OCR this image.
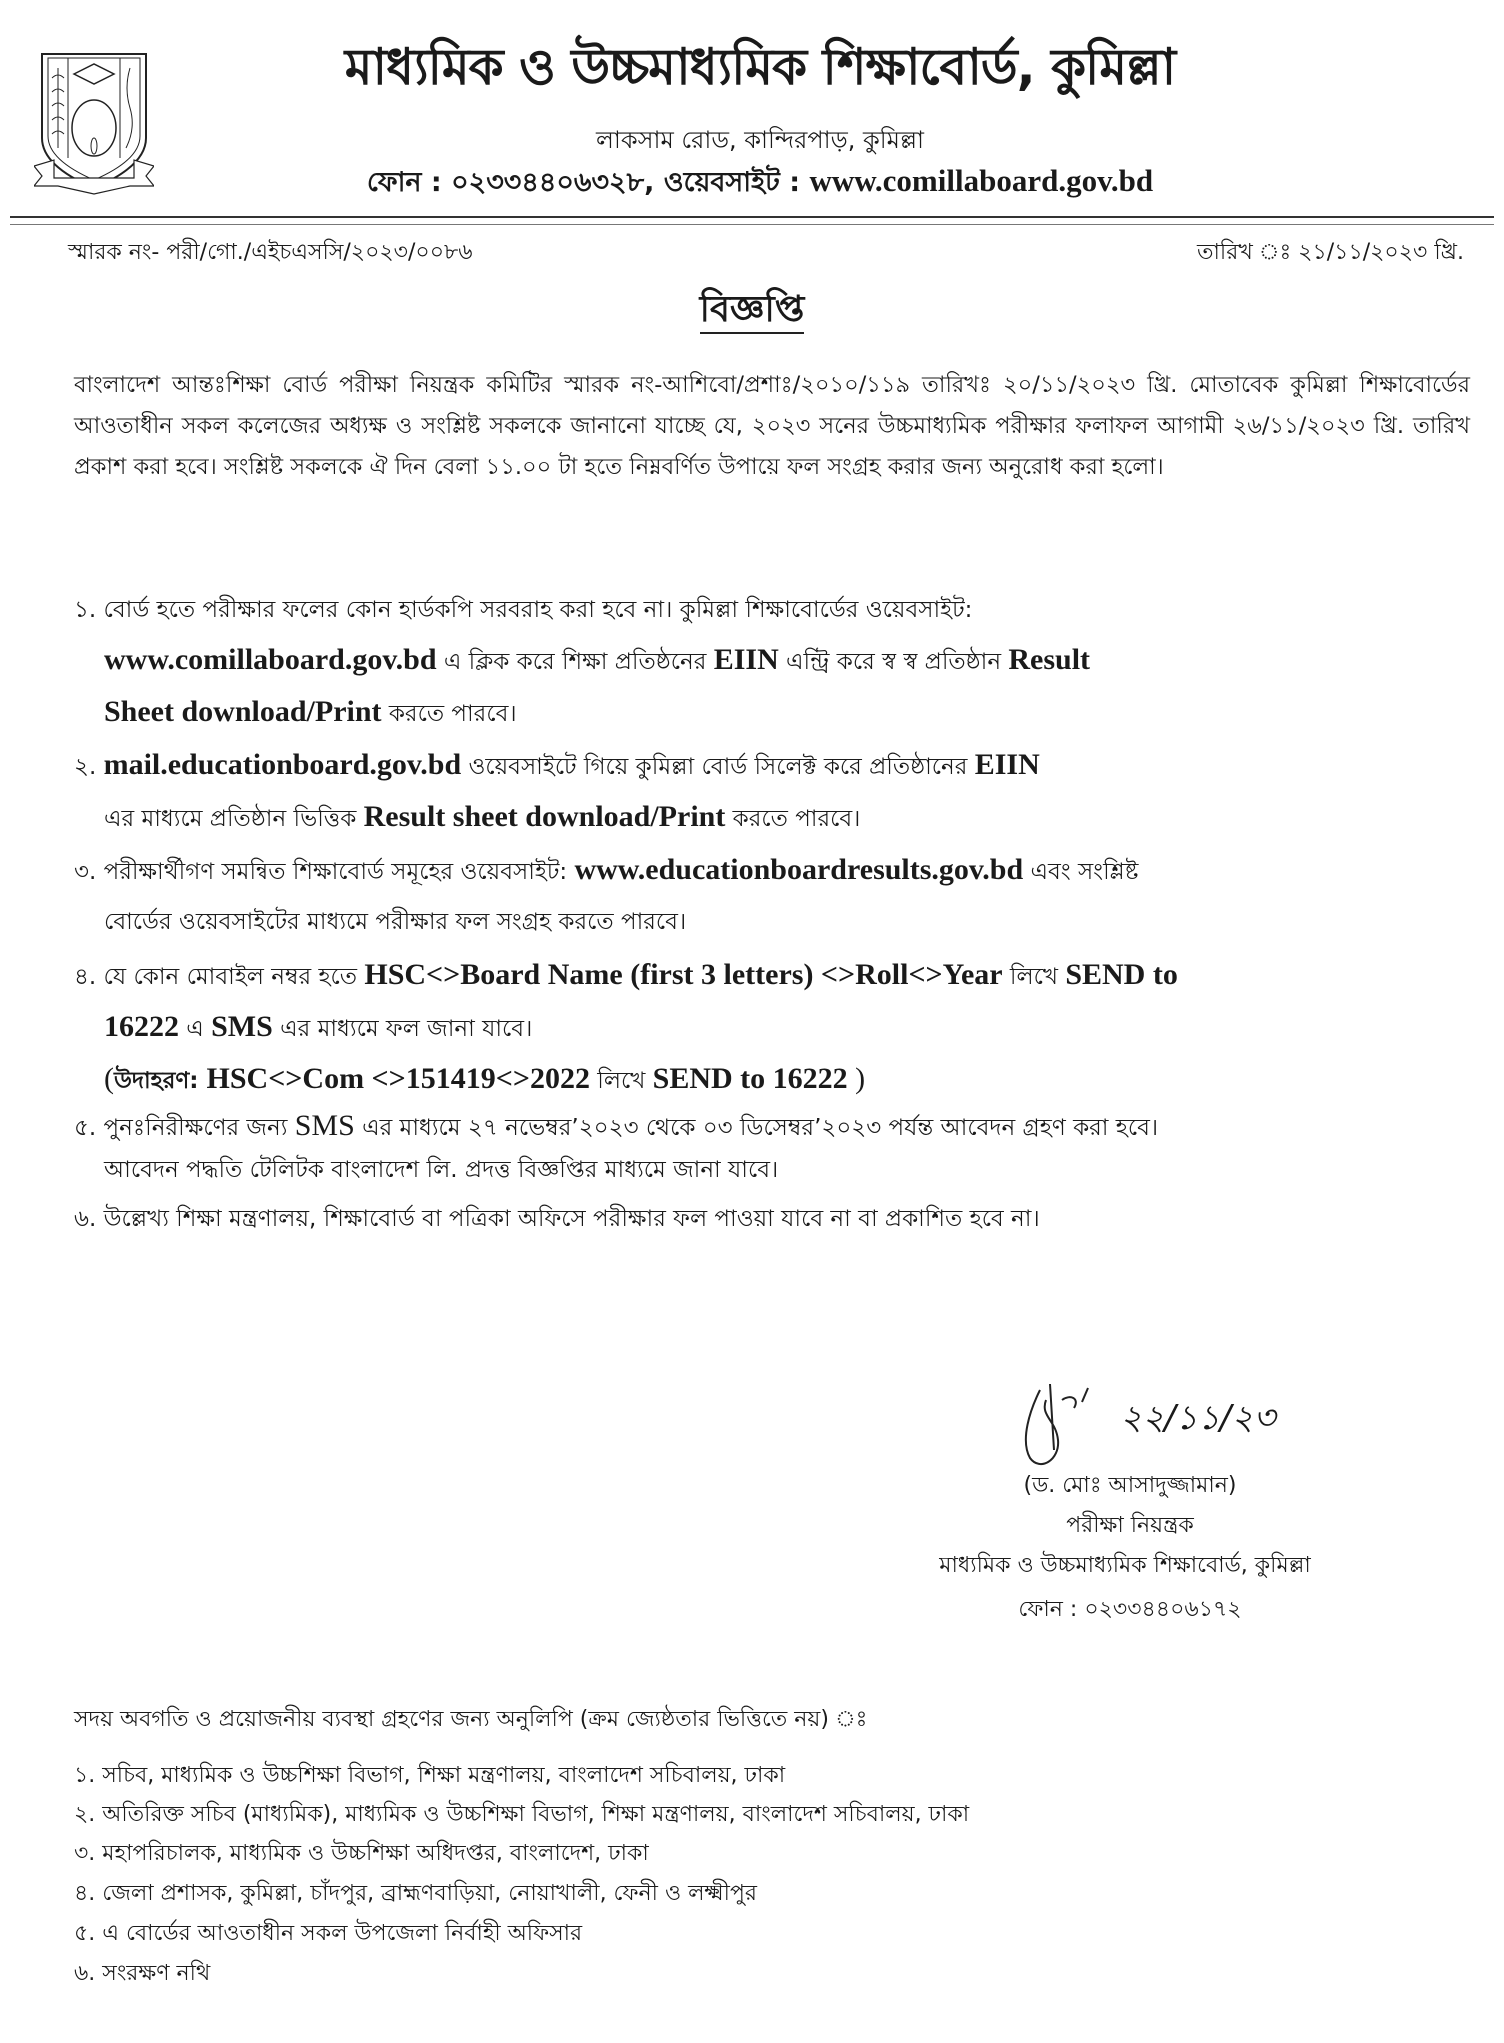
মাধ্যমিক ও উচ্চমাধ্যমিক শিক্ষাবোর্ড, কুমিল্লা
লাকসাম রোড, কান্দিরপাড়, কুমিল্লা
ফোন : ০২৩৩৪৪০৬৩২৮, ওয়েবসাইট : www.comillaboard.gov.bd
স্মারক নং- পরী/গো./এইচএসসি/২০২৩/০০৮৬	তারিখ ঃ ২১/১১/২০২৩ খ্রি.
বিজ্ঞপ্তি
বাংলাদেশ আন্তঃশিক্ষা বোর্ড পরীক্ষা নিয়ন্ত্রক কমিটির স্মারক নং-আশিবো/প্রশাঃ/২০১০/১১৯ তারিখঃ ২০/১১/২০২৩ খ্রি. মোতাবেক কুমিল্লা শিক্ষাবোর্ডের আওতাধীন সকল কলেজের অধ্যক্ষ ও সংশ্লিষ্ট সকলকে জানানো যাচ্ছে যে, ২০২৩ সনের উচ্চমাধ্যমিক পরীক্ষার ফলাফল আগামী ২৬/১১/২০২৩ খ্রি. তারিখ প্রকাশ করা হবে। সংশ্লিষ্ট সকলকে ঐ দিন বেলা ১১.০০ টা হতে নিম্নবর্ণিত উপায়ে ফল সংগ্রহ করার জন্য অনুরোধ করা হলো।
১. বোর্ড হতে পরীক্ষার ফলের কোন হার্ডকপি সরবরাহ করা হবে না। কুমিল্লা শিক্ষাবোর্ডের ওয়েবসাইট:
www.comillaboard.gov.bd এ ক্লিক করে শিক্ষা প্রতিষ্ঠনের EIIN এন্ট্রি করে স্ব স্ব প্রতিষ্ঠান Result
Sheet download/Print করতে পারবে।
২. mail.educationboard.gov.bd ওয়েবসাইটে গিয়ে কুমিল্লা বোর্ড সিলেক্ট করে প্রতিষ্ঠানের EIIN
এর মাধ্যমে প্রতিষ্ঠান ভিত্তিক Result sheet download/Print করতে পারবে।
৩. পরীক্ষার্থীগণ সমন্বিত শিক্ষাবোর্ড সমূহের ওয়েবসাইট: www.educationboardresults.gov.bd এবং সংশ্লিষ্ট
বোর্ডের ওয়েবসাইটের মাধ্যমে পরীক্ষার ফল সংগ্রহ করতে পারবে।
৪. যে কোন মোবাইল নম্বর হতে HSC<>Board Name (first 3 letters) <>Roll<>Year লিখে SEND to
16222 এ SMS এর মাধ্যমে ফল জানা যাবে।
(উদাহরণ: HSC<>Com <>151419<>2022 লিখে SEND to 16222 )
৫. পুনঃনিরীক্ষণের জন্য SMS এর মাধ্যমে ২৭ নভেম্বর’২০২৩ থেকে ০৩ ডিসেম্বর’২০২৩ পর্যন্ত আবেদন গ্রহণ করা হবে।
আবেদন পদ্ধতি টেলিটক বাংলাদেশ লি. প্রদত্ত বিজ্ঞপ্তির মাধ্যমে জানা যাবে।
৬. উল্লেখ্য শিক্ষা মন্ত্রণালয়, শিক্ষাবোর্ড বা পত্রিকা অফিসে পরীক্ষার ফল পাওয়া যাবে না বা প্রকাশিত হবে না।
২২/১১/২৩
(ড. মোঃ আসাদুজ্জামান)
পরীক্ষা নিয়ন্ত্রক
মাধ্যমিক ও উচ্চমাধ্যমিক শিক্ষাবোর্ড, কুমিল্লা
ফোন : ০২৩৩৪৪০৬১৭২
সদয় অবগতি ও প্রয়োজনীয় ব্যবস্থা গ্রহণের জন্য অনুলিপি (ক্রম জ্যেষ্ঠতার ভিত্তিতে নয়) ঃ
১. সচিব, মাধ্যমিক ও উচ্চশিক্ষা বিভাগ, শিক্ষা মন্ত্রণালয়, বাংলাদেশ সচিবালয়, ঢাকা
২. অতিরিক্ত সচিব (মাধ্যমিক), মাধ্যমিক ও উচ্চশিক্ষা বিভাগ, শিক্ষা মন্ত্রণালয়, বাংলাদেশ সচিবালয়, ঢাকা
৩. মহাপরিচালক, মাধ্যমিক ও উচ্চশিক্ষা অধিদপ্তর, বাংলাদেশ, ঢাকা
৪. জেলা প্রশাসক, কুমিল্লা, চাঁদপুর, ব্রাহ্মণবাড়িয়া, নোয়াখালী, ফেনী ও লক্ষ্মীপুর
৫. এ বোর্ডের আওতাধীন সকল উপজেলা নির্বাহী অফিসার
৬. সংরক্ষণ নথি
